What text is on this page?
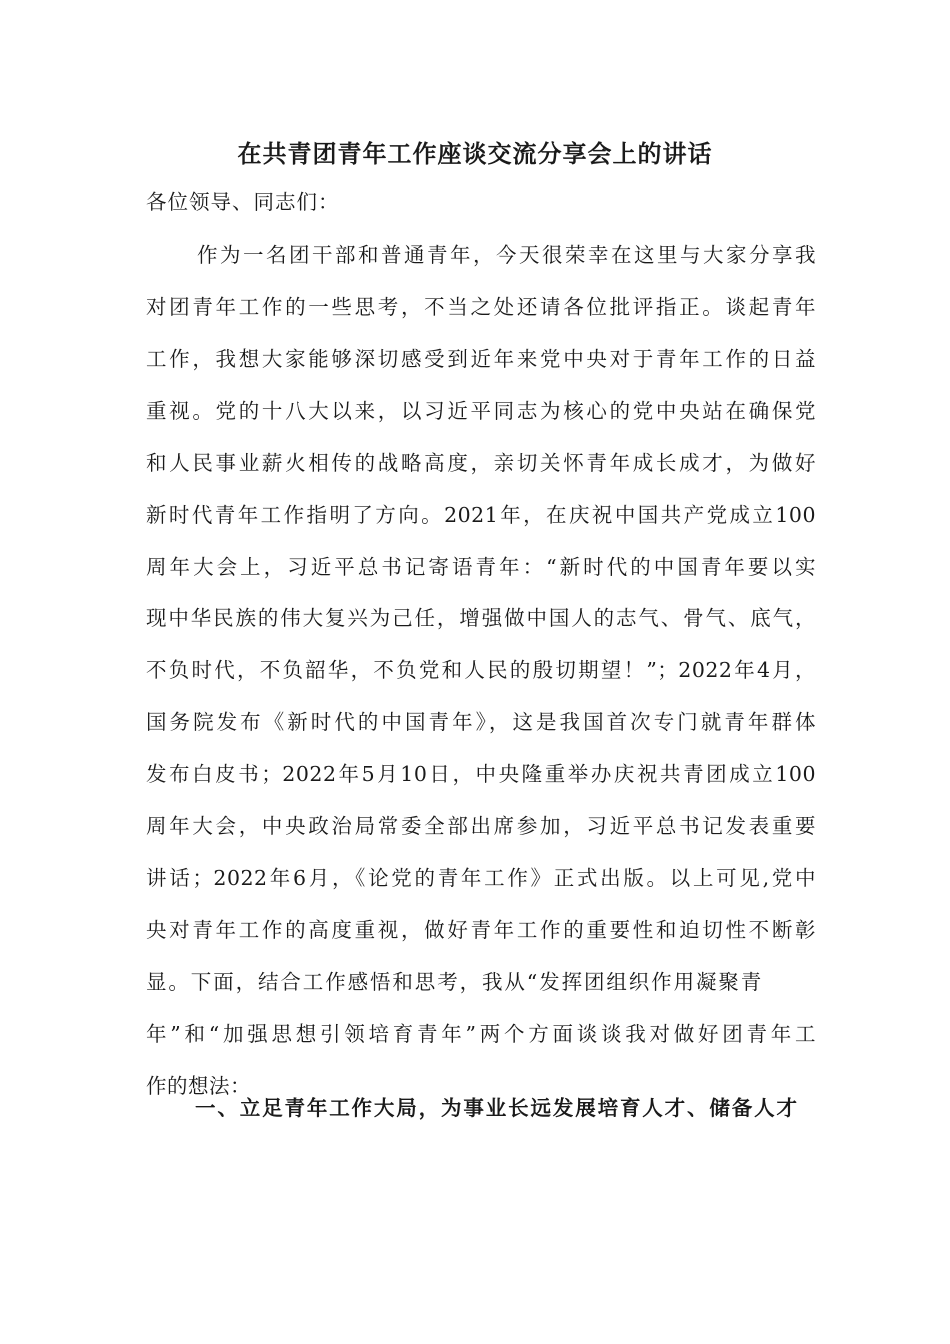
在共青团青年工作座谈交流分享会上的讲话
各位领导、同志们：
作为一名团干部和普通青年，今天很荣幸在这里与大家分享我
对团青年工作的一些思考，不当之处还请各位批评指正。谈起青年
工作，我想大家能够深切感受到近年来党中央对于青年工作的日益
重视。党的十八大以来，以习近平同志为核心的党中央站在确保党
和人民事业薪火相传的战略高度，亲切关怀青年成长成才，为做好
新时代青年工作指明了方向。2021年，在庆祝中国共产党成立100
周年大会上，习近平总书记寄语青年：“新时代的中国青年要以实
现中华民族的伟大复兴为己任，增强做中国人的志气、骨气、底气，
不负时代，不负韶华，不负党和人民的殷切期望！”；2022年4月，
国务院发布《新时代的中国青年》，这是我国首次专门就青年群体
发布白皮书；2022年5月10日，中央隆重举办庆祝共青团成立100
周年大会，中央政治局常委全部出席参加，习近平总书记发表重要
讲话；2022年6月，《论党的青年工作》正式出版。以上可见,党中
央对青年工作的高度重视，做好青年工作的重要性和迫切性不断彰
显。下面，结合工作感悟和思考，我从“发挥团组织作用凝聚青
年”和“加强思想引领培育青年”两个方面谈谈我对做好团青年工
作的想法：
一、立足青年工作大局，为事业长远发展培育人才、储备人才
